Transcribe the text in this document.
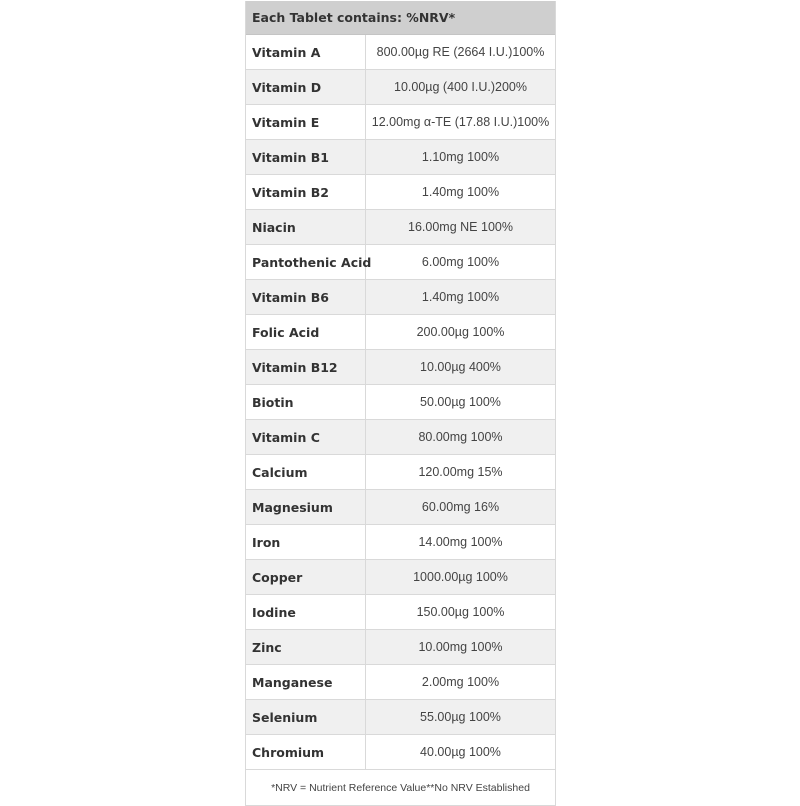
Each Tablet contains: %NRV*
Vitamin A	800.00µg RE (2664 I.U.)100%
Vitamin D	10.00µg (400 I.U.)200%
Vitamin E	12.00mg α-TE (17.88 I.U.)100%
Vitamin B1	1.10mg 100%
Vitamin B2	1.40mg 100%
Niacin	16.00mg NE 100%
Pantothenic Acid	6.00mg 100%
Vitamin B6	1.40mg 100%
Folic Acid	200.00µg 100%
Vitamin B12	10.00µg 400%
Biotin	50.00µg 100%
Vitamin C	80.00mg 100%
Calcium	120.00mg 15%
Magnesium	60.00mg 16%
Iron	14.00mg 100%
Copper	1000.00µg 100%
Iodine	150.00µg 100%
Zinc	10.00mg 100%
Manganese	2.00mg 100%
Selenium	55.00µg 100%
Chromium	40.00µg 100%
*NRV = Nutrient Reference Value**No NRV Established
